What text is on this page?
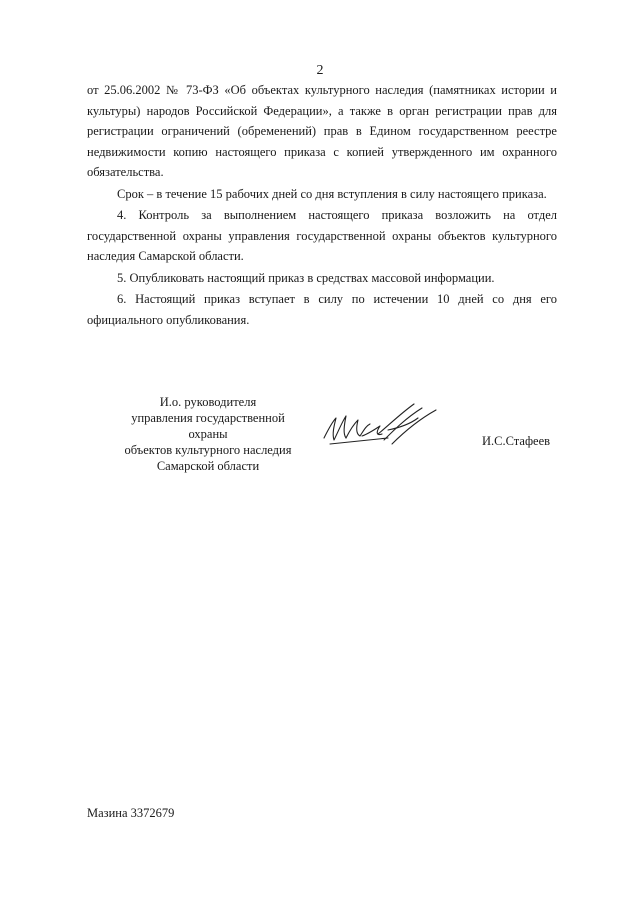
2

от 25.06.2002 № 73-ФЗ «Об объектах культурного наследия (памятниках истории и культуры) народов Российской Федерации», а также в орган регистрации прав для регистрации ограничений (обременений) прав в Едином государственном реестре недвижимости копию настоящего приказа с копией утвержденного им охранного обязательства.

Срок – в течение 15 рабочих дней со дня вступления в силу настоящего приказа.

4. Контроль за выполнением настоящего приказа возложить на отдел государственной охраны управления государственной охраны объектов культурного наследия Самарской области.

5. Опубликовать настоящий приказ в средствах массовой информации.

6. Настоящий приказ вступает в силу по истечении 10 дней со дня его официального опубликования.

И.о. руководителя
управления государственной охраны
объектов культурного наследия
Самарской области
И.С.Стафеев
Мазина 3372679
